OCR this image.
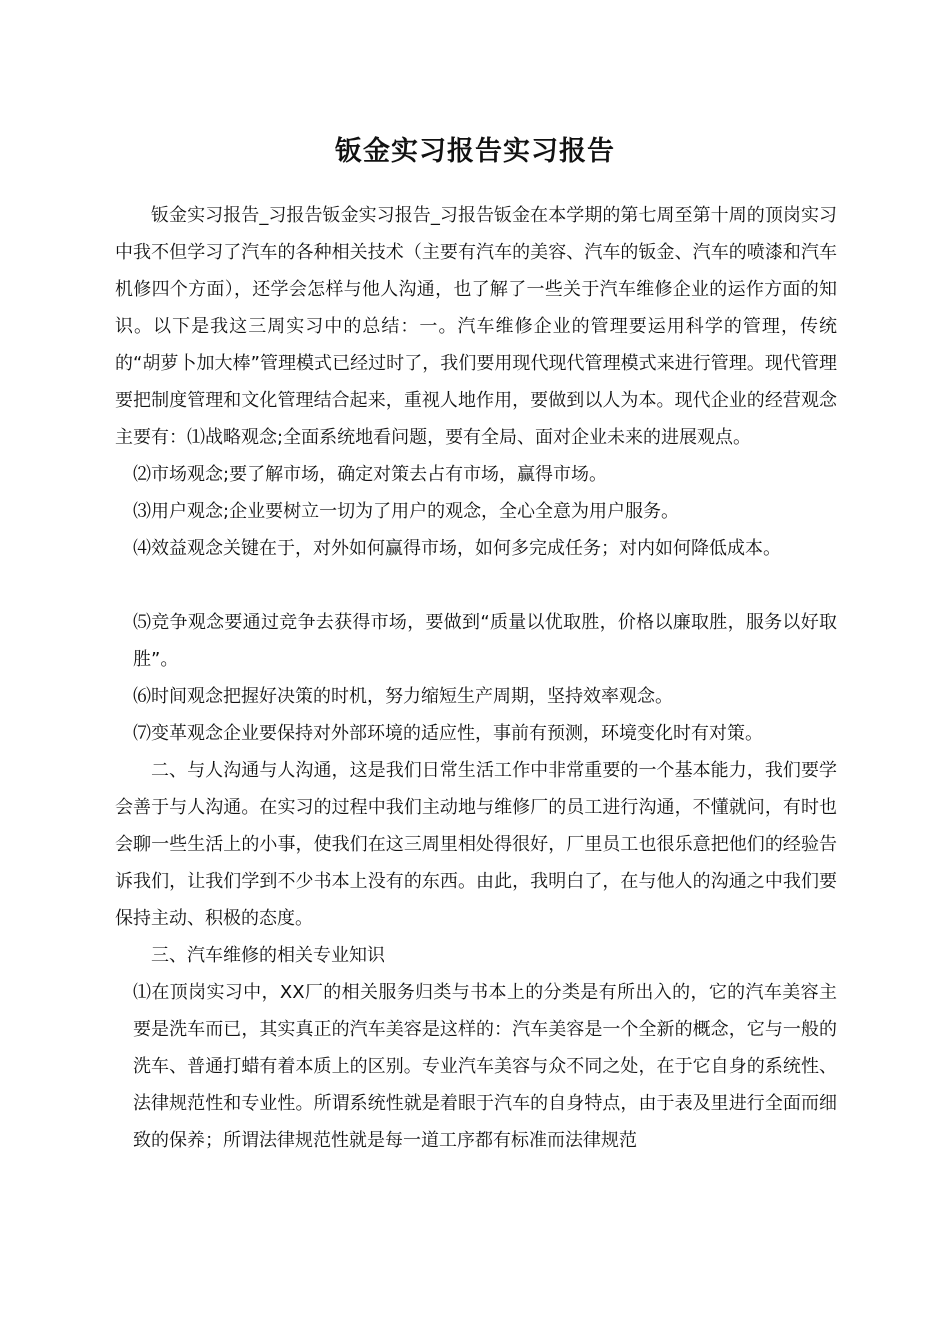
钣金实习报告实习报告

钣金实习报告_习报告钣金实习报告_习报告钣金在本学期的第七周至第十周的顶岗实习中我不但学习了汽车的各种相关技术（主要有汽车的美容、汽车的钣金、汽车的喷漆和汽车机修四个方面），还学会怎样与他人沟通，也了解了一些关于汽车维修企业的运作方面的知识。以下是我这三周实习中的总结：一。汽车维修企业的管理要运用科学的管理，传统的“胡萝卜加大棒”管理模式已经过时了，我们要用现代现代管理模式来进行管理。现代管理要把制度管理和文化管理结合起来，重视人地作用，要做到以人为本。现代企业的经营观念主要有：⑴战略观念;全面系统地看问题，要有全局、面对企业未来的进展观点。

⑵市场观念;要了解市场，确定对策去占有市场，赢得市场。

⑶用户观念;企业要树立一切为了用户的观念，全心全意为用户服务。

⑷效益观念关键在于，对外如何赢得市场，如何多完成任务；对内如何降低成本。

⑸竞争观念要通过竞争去获得市场，要做到“质量以优取胜，价格以廉取胜，服务以好取胜”。

⑹时间观念把握好决策的时机，努力缩短生产周期，坚持效率观念。

⑺变革观念企业要保持对外部环境的适应性，事前有预测，环境变化时有对策。

二、与人沟通与人沟通，这是我们日常生活工作中非常重要的一个基本能力，我们要学会善于与人沟通。在实习的过程中我们主动地与维修厂的员工进行沟通，不懂就问，有时也会聊一些生活上的小事，使我们在这三周里相处得很好，厂里员工也很乐意把他们的经验告诉我们，让我们学到不少书本上没有的东西。由此，我明白了，在与他人的沟通之中我们要保持主动、积极的态度。

三、汽车维修的相关专业知识

⑴在顶岗实习中，XX厂的相关服务归类与书本上的分类是有所出入的，它的汽车美容主要是洗车而已，其实真正的汽车美容是这样的：汽车美容是一个全新的概念，它与一般的洗车、普通打蜡有着本质上的区别。专业汽车美容与众不同之处，在于它自身的系统性、法律规范性和专业性。所谓系统性就是着眼于汽车的自身特点，由于表及里进行全面而细致的保养；所谓法律规范性就是每一道工序都有标准而法律规范
